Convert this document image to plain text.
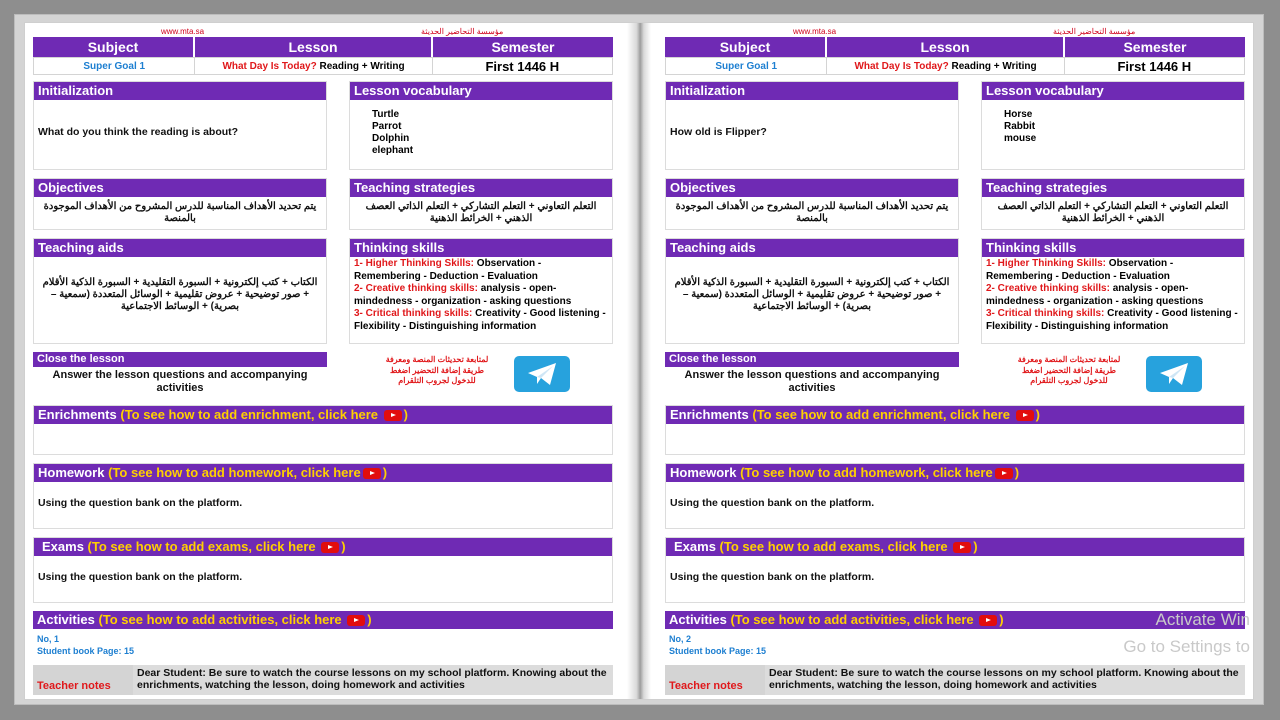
www.mta.sa	مؤسسة التحاضير الحديثة
Subject	Lesson	Semester
Super Goal 1	What Day Is Today? Reading + Writing	First 1446 H
Initialization
What do you think the reading is about?
Lesson vocabulary
Turtle
Parrot
Dolphin
elephant
Objectives
يتم تحديد الأهداف المناسبة للدرس المشروح من الأهداف الموجودة بالمنصة
Teaching strategies
التعلم التعاوني + التعلم التشاركي + التعلم الذاتي العصف الذهني + الخرائط الذهنية
Teaching aids
الكتاب + كتب إلكترونية + السبورة التقليدية + السبورة الذكية الأقلام + صور توضيحية + عروض تقليمية + الوسائل المتعددة (سمعية – بصرية) + الوسائط الاجتماعية
Thinking skills
1- Higher Thinking Skills: Observation - Remembering - Deduction - Evaluation
2- Creative thinking skills: analysis - open-mindedness - organization - asking questions
3- Critical thinking skills: Creativity - Good listening - Flexibility - Distinguishing information
Close the lesson
Answer the lesson questions and accompanying activities
لمتابعة تحديثات المنصة ومعرفة طريقة إضافة التحضير اضغط للدخول لجروب التلقرام
Enrichments (To see how to add enrichment, click here )
Homework (To see how to add homework, click here )
Using the question bank on the platform.
Exams (To see how to add exams, click here )
Using the question bank on the platform.
Activities (To see how to add activities, click here )
No, 1
Student book Page: 15
Teacher notes
Dear Student: Be sure to watch the course lessons on my school platform. Knowing about the enrichments, watching the lesson, doing homework and activities
www.mta.sa	مؤسسة التحاضير الحديثة
Subject	Lesson	Semester
Super Goal 1	What Day Is Today? Reading + Writing	First 1446 H
Initialization
How old is Flipper?
Lesson vocabulary
Horse
Rabbit
mouse
Objectives
يتم تحديد الأهداف المناسبة للدرس المشروح من الأهداف الموجودة بالمنصة
Teaching strategies
التعلم التعاوني + التعلم التشاركي + التعلم الذاتي العصف الذهني + الخرائط الذهنية
Teaching aids
الكتاب + كتب إلكترونية + السبورة التقليدية + السبورة الذكية الأقلام + صور توضيحية + عروض تقليمية + الوسائل المتعددة (سمعية – بصرية) + الوسائط الاجتماعية
Thinking skills
1- Higher Thinking Skills: Observation - Remembering - Deduction - Evaluation
2- Creative thinking skills: analysis - open-mindedness - organization - asking questions
3- Critical thinking skills: Creativity - Good listening - Flexibility - Distinguishing information
Close the lesson
Answer the lesson questions and accompanying activities
لمتابعة تحديثات المنصة ومعرفة طريقة إضافة التحضير اضغط للدخول لجروب التلقرام
Enrichments (To see how to add enrichment, click here )
Homework (To see how to add homework, click here )
Using the question bank on the platform.
Exams (To see how to add exams, click here )
Using the question bank on the platform.
Activities (To see how to add activities, click here )
No, 2
Student book Page: 15
Teacher notes
Dear Student: Be sure to watch the course lessons on my school platform. Knowing about the enrichments, watching the lesson, doing homework and activities
Activate Win
Go to Settings to
